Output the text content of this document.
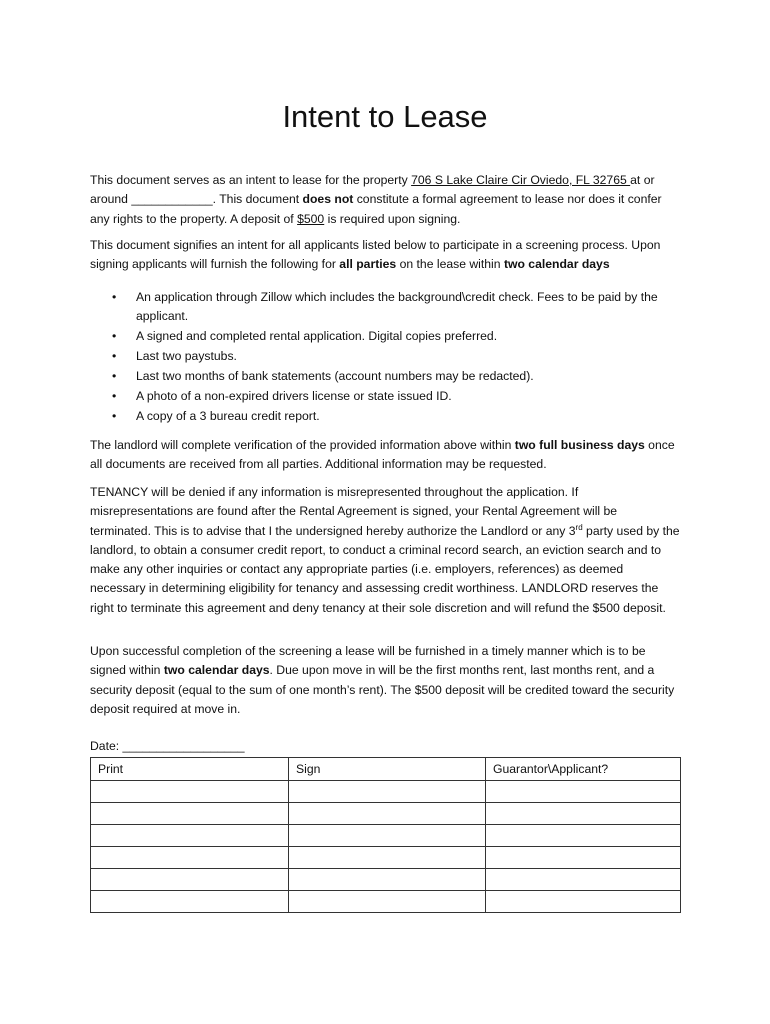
Intent to Lease
This document serves as an intent to lease for the property 706 S Lake Claire Cir Oviedo, FL 32765 at or around ____________. This document does not constitute a formal agreement to lease nor does it confer any rights to the property. A deposit of $500 is required upon signing.
This document signifies an intent for all applicants listed below to participate in a screening process. Upon signing applicants will furnish the following for all parties on the lease within two calendar days
• An application through Zillow which includes the background\credit check. Fees to be paid by the applicant.
• A signed and completed rental application. Digital copies preferred.
• Last two paystubs.
• Last two months of bank statements (account numbers may be redacted).
• A photo of a non-expired drivers license or state issued ID.
• A copy of a 3 bureau credit report.
The landlord will complete verification of the provided information above within two full business days once all documents are received from all parties. Additional information may be requested.
TENANCY will be denied if any information is misrepresented throughout the application. If misrepresentations are found after the Rental Agreement is signed, your Rental Agreement will be terminated. This is to advise that I the undersigned hereby authorize the Landlord or any 3rd party used by the landlord, to obtain a consumer credit report, to conduct a criminal record search, an eviction search and to make any other inquiries or contact any appropriate parties (i.e. employers, references) as deemed necessary in determining eligibility for tenancy and assessing credit worthiness. LANDLORD reserves the right to terminate this agreement and deny tenancy at their sole discretion and will refund the $500 deposit.
Upon successful completion of the screening a lease will be furnished in a timely manner which is to be signed within two calendar days. Due upon move in will be the first months rent, last months rent, and a security deposit (equal to the sum of one month’s rent). The $500 deposit will be credited toward the security deposit required at move in.
Date: __________________
Print	Sign	Guarantor\Applicant?
